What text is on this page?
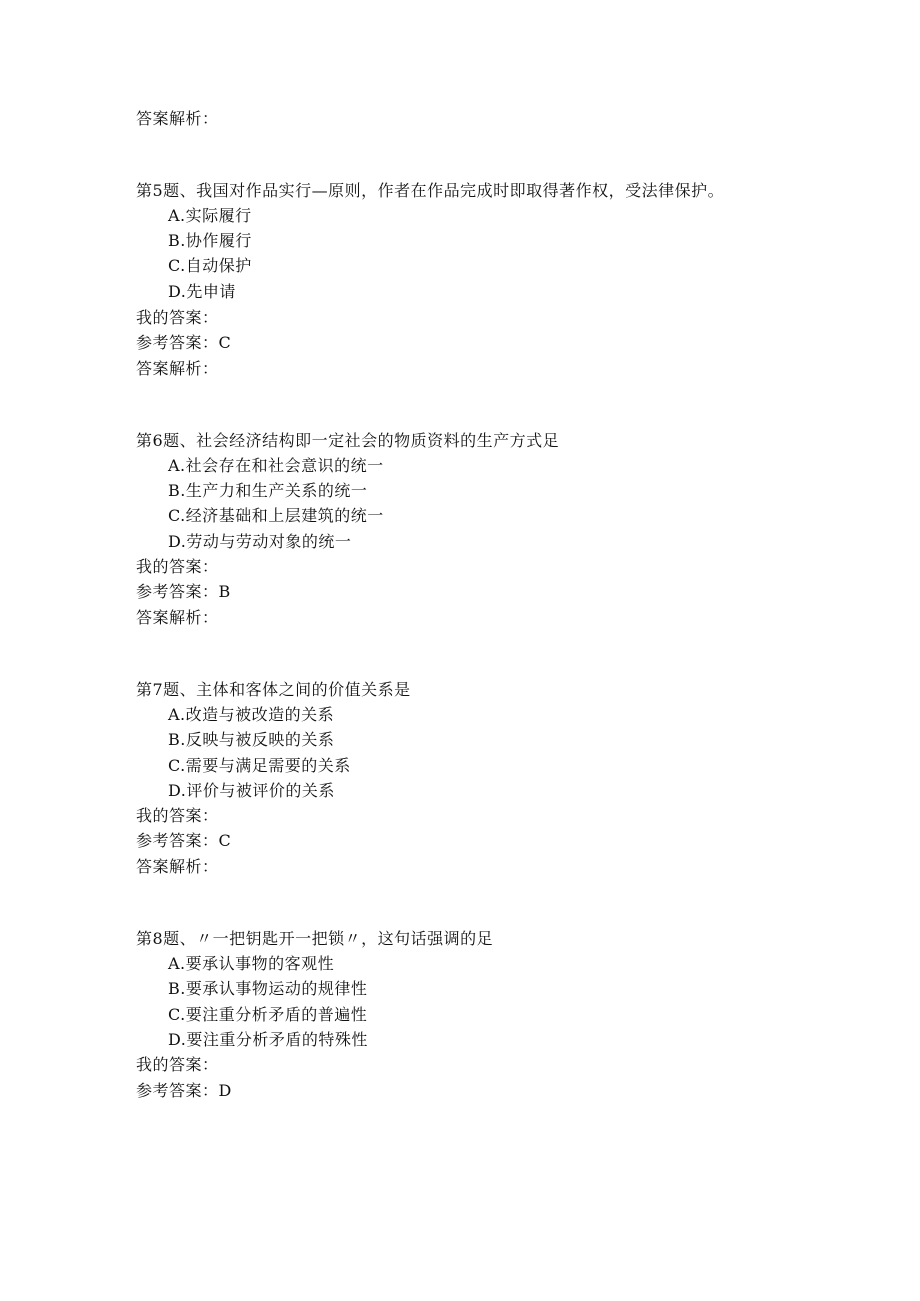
答案解析：
第5题、我国对作品实行—原则，作者在作品完成时即取得著作权，受法律保护。
A.实际履行
B.协作履行
C.自动保护
D.先申请
我的答案：
参考答案：C
答案解析：
第6题、社会经济结构即一定社会的物质资料的生产方式足
A.社会存在和社会意识的统一
B.生产力和生产关系的统一
C.经济基础和上层建筑的统一
D.劳动与劳动对象的统一
我的答案：
参考答案：B
答案解析：
第7题、主体和客体之间的价值关系是
A.改造与被改造的关系
B.反映与被反映的关系
C.需要与满足需要的关系
D.评价与被评价的关系
我的答案：
参考答案：C
答案解析：
第8题、〃一把钥匙开一把锁〃，这句话强调的足
A.要承认事物的客观性
B.要承认事物运动的规律性
C.要注重分析矛盾的普遍性
D.要注重分析矛盾的特殊性
我的答案：
参考答案：D
